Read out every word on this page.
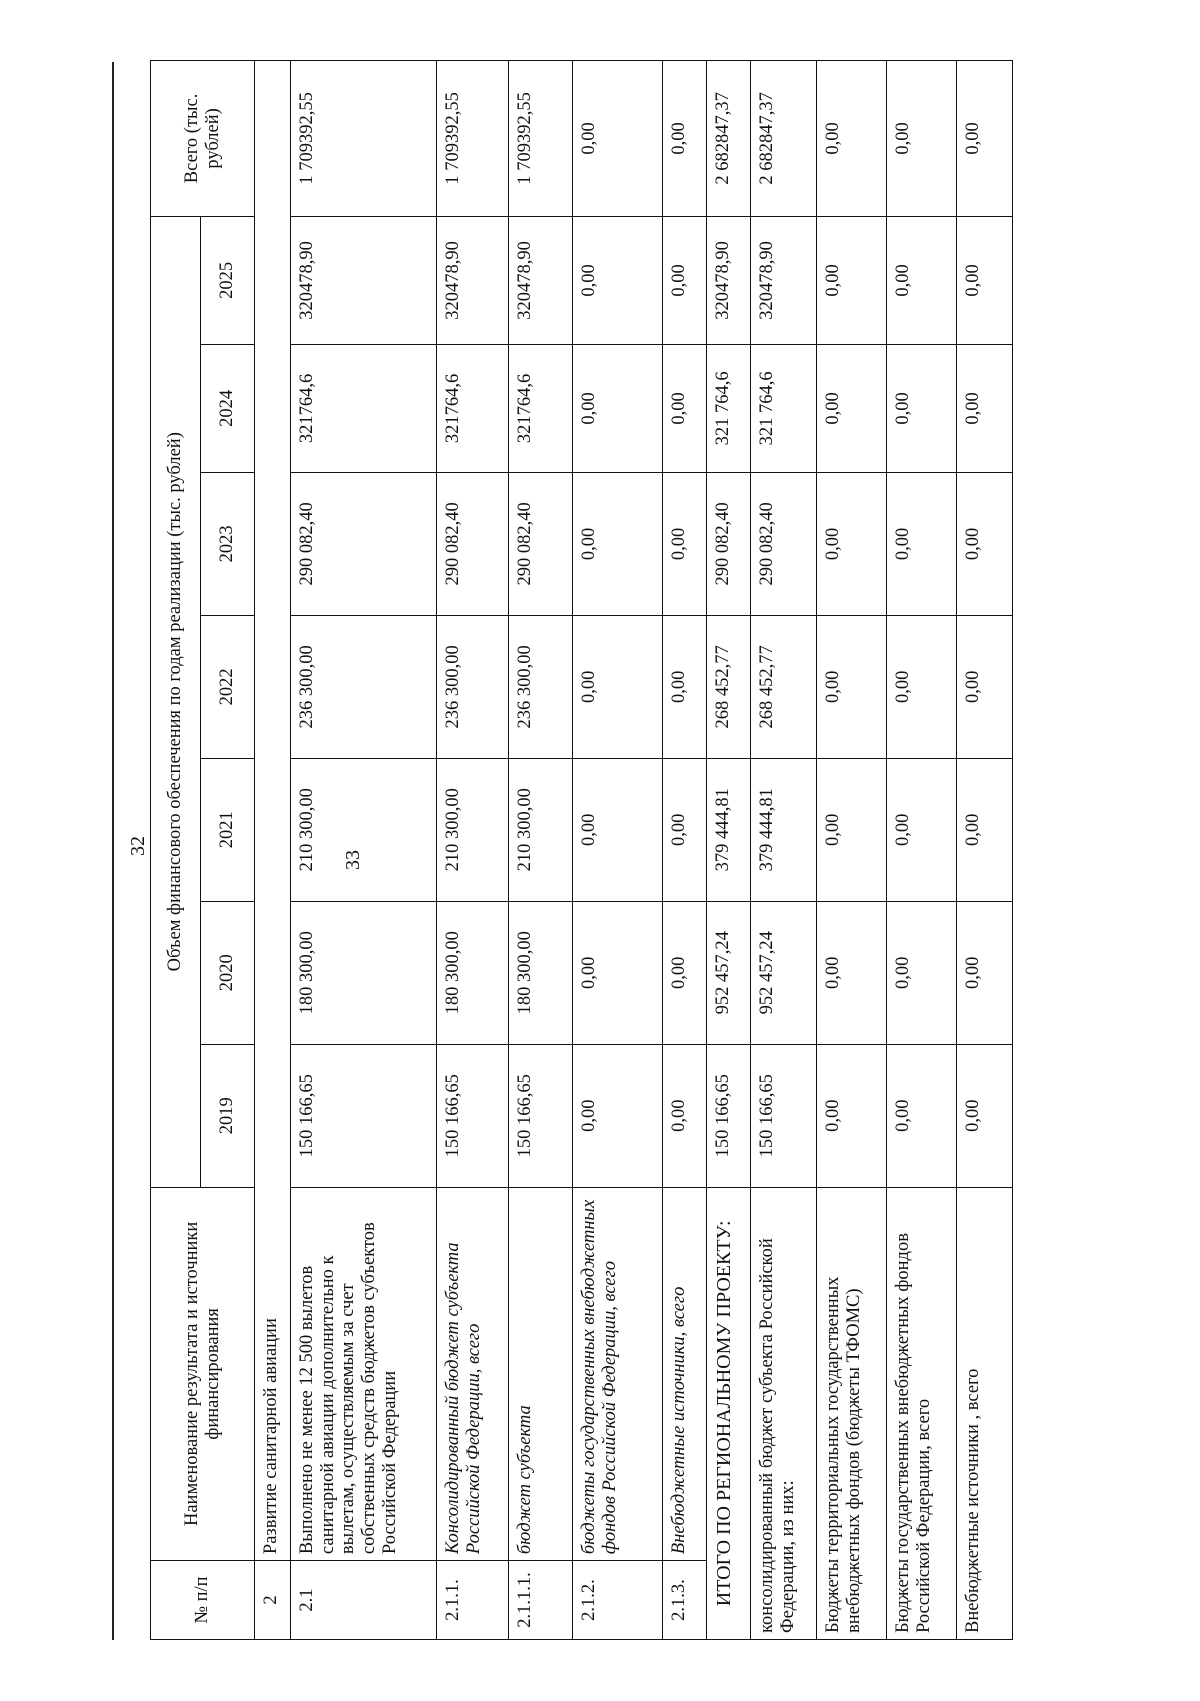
32
33
№ п/п	Наименование результата и источники финансирования	Объем финансового обеспечения по годам реализации (тыс. рублей)							Всего (тыс. рублей)
		2019	2020	2021	2022	2023	2024	2025	
2	Развитие санитарной авиации								
2.1	Выполнено не менее 12 500 вылетов санитарной авиации дополнительно к вылетам, осуществляемым за счет собственных средств бюджетов субъектов Российской Федерации	150 166,65	180 300,00	210 300,00	236 300,00	290 082,40	321764,6	320478,90	1 709392,55
2.1.1.	Консолидированный бюджет субъекта Российской Федерации, всего	150 166,65	180 300,00	210 300,00	236 300,00	290 082,40	321764,6	320478,90	1 709392,55
2.1.1.1.	бюджет субъекта	150 166,65	180 300,00	210 300,00	236 300,00	290 082,40	321764,6	320478,90	1 709392,55
2.1.2.	бюджеты государственных внебюджетных фондов Российской Федерации, всего	0,00	0,00	0,00	0,00	0,00	0,00	0,00	0,00
2.1.3.	Внебюджетные источники, всего	0,00	0,00	0,00	0,00	0,00	0,00	0,00	0,00
ИТОГО ПО РЕГИОНАЛЬНОМУ ПРОЕКТУ:		150 166,65	952 457,24	379 444,81	268 452,77	290 082,40	321 764,6	320478,90	2 682847,37
консолидированный бюджет субъекта Российской Федерации, из них:		150 166,65	952 457,24	379 444,81	268 452,77	290 082,40	321 764,6	320478,90	2 682847,37
Бюджеты территориальных государственных внебюджетных фондов (бюджеты ТФОМС)		0,00	0,00	0,00	0,00	0,00	0,00	0,00	0,00
Бюджеты государственных внебюджетных фондов Российской Федерации, всего		0,00	0,00	0,00	0,00	0,00	0,00	0,00	0,00
Внебюджетные источники , всего		0,00	0,00	0,00	0,00	0,00	0,00	0,00	0,00
